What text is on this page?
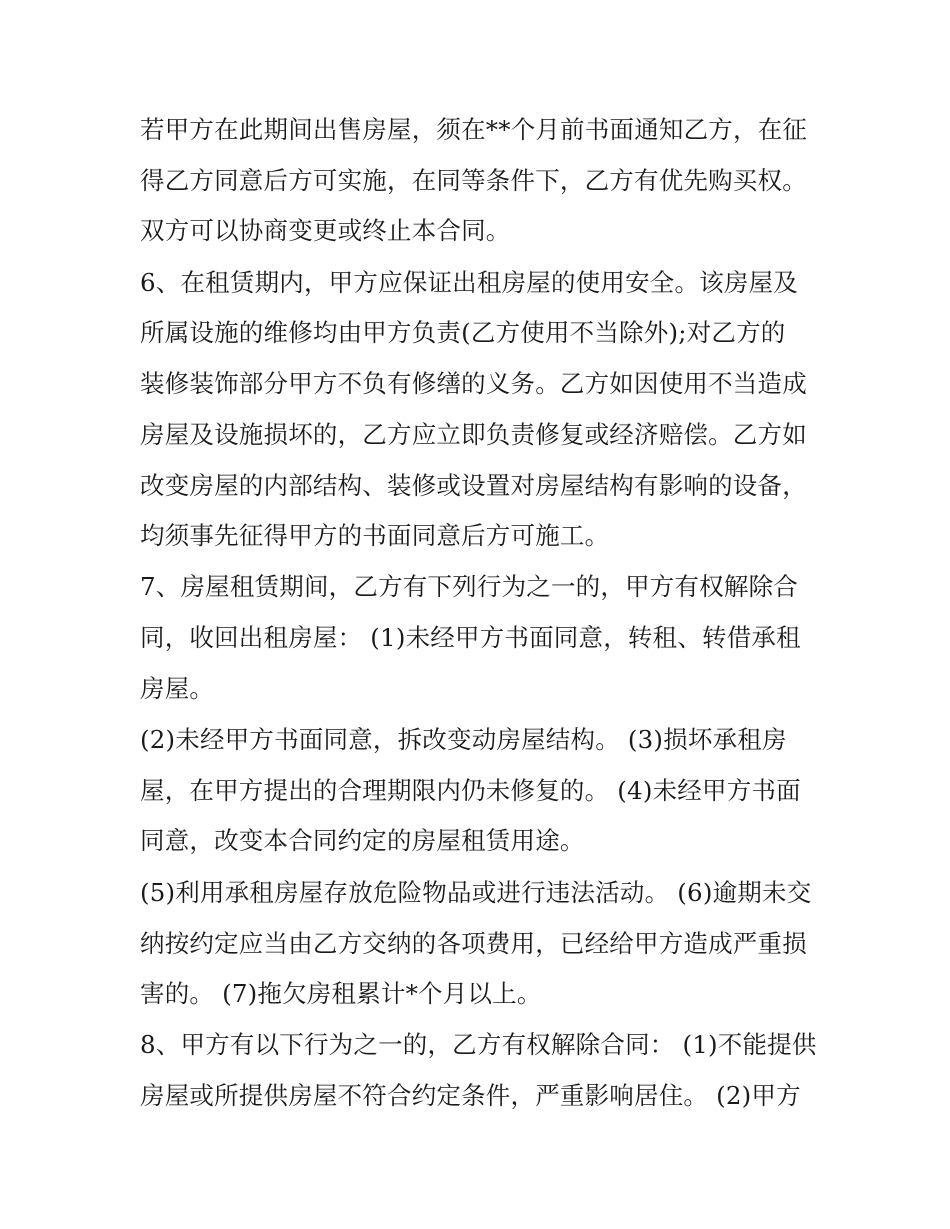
若甲方在此期间出售房屋，须在**个月前书面通知乙方，在征
得乙方同意后方可实施，在同等条件下，乙方有优先购买权。
双方可以协商变更或终止本合同。
6、在租赁期内，甲方应保证出租房屋的使用安全。该房屋及
所属设施的维修均由甲方负责(乙方使用不当除外);对乙方的
装修装饰部分甲方不负有修缮的义务。乙方如因使用不当造成
房屋及设施损坏的，乙方应立即负责修复或经济赔偿。乙方如
改变房屋的内部结构、装修或设置对房屋结构有影响的设备，
均须事先征得甲方的书面同意后方可施工。
7、房屋租赁期间，乙方有下列行为之一的，甲方有权解除合
同，收回出租房屋： (1)未经甲方书面同意，转租、转借承租
房屋。
(2)未经甲方书面同意，拆改变动房屋结构。 (3)损坏承租房
屋，在甲方提出的合理期限内仍未修复的。 (4)未经甲方书面
同意，改变本合同约定的房屋租赁用途。
(5)利用承租房屋存放危险物品或进行违法活动。 (6)逾期未交
纳按约定应当由乙方交纳的各项费用，已经给甲方造成严重损
害的。 (7)拖欠房租累计*个月以上。
8、甲方有以下行为之一的，乙方有权解除合同： (1)不能提供
房屋或所提供房屋不符合约定条件，严重影响居住。 (2)甲方
